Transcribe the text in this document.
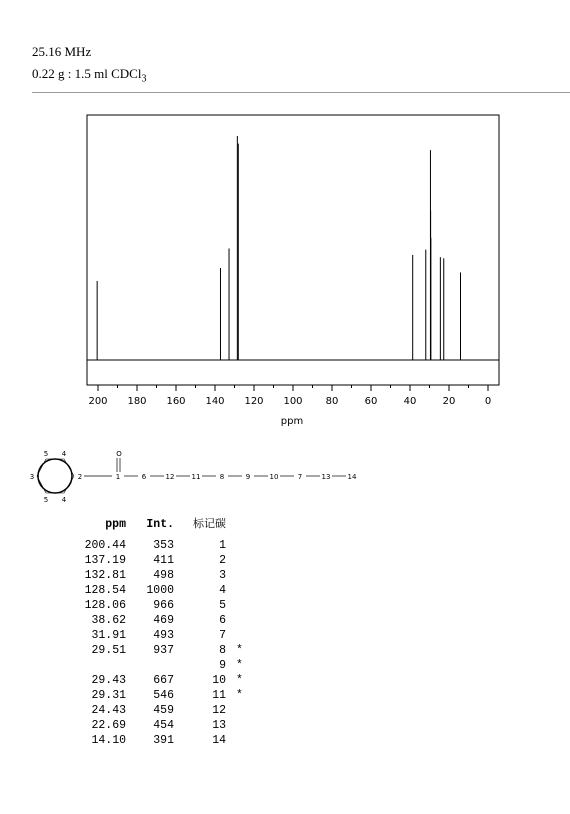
25.16 MHz
0.22 g : 1.5 ml CDCl$_3$
200 180 160 140 120 100 80	60	40	20	0
ppm
5 4
3	2
5 4
O
1	6	12 11	8	9	10	7	13 14
ppm Int. 标记碳
200.44 353	1
137.19 411	2
132.81 498	3
128.54 1000	4
128.06 966	5
38.62 469	6
31.91 493	7
29.51 937	8 *
9 *
29.43 667	10 *
29.31 546	11 *
24.43 459	12
22.69 454	13
14.10 391	14
